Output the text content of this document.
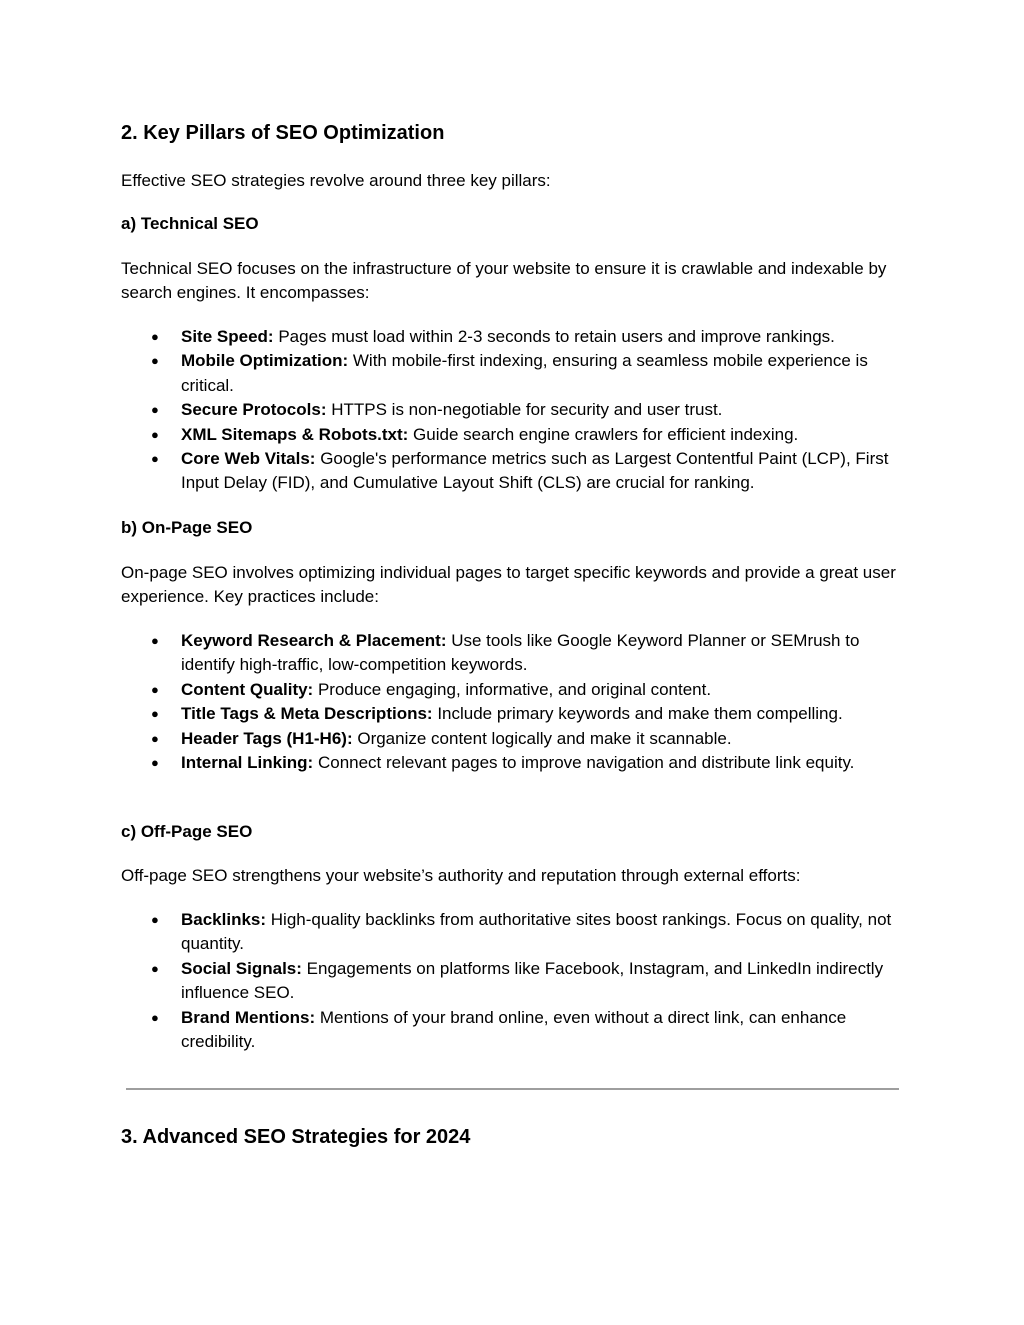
2. Key Pillars of SEO Optimization

Effective SEO strategies revolve around three key pillars:

a) Technical SEO

Technical SEO focuses on the infrastructure of your website to ensure it is crawlable and indexable by search engines. It encompasses:

● Site Speed: Pages must load within 2-3 seconds to retain users and improve rankings.
● Mobile Optimization: With mobile-first indexing, ensuring a seamless mobile experience is critical.
● Secure Protocols: HTTPS is non-negotiable for security and user trust.
● XML Sitemaps & Robots.txt: Guide search engine crawlers for efficient indexing.
● Core Web Vitals: Google's performance metrics such as Largest Contentful Paint (LCP), First Input Delay (FID), and Cumulative Layout Shift (CLS) are crucial for ranking.
b) On-Page SEO

On-page SEO involves optimizing individual pages to target specific keywords and provide a great user experience. Key practices include:

● Keyword Research & Placement: Use tools like Google Keyword Planner or SEMrush to identify high-traffic, low-competition keywords.
● Content Quality: Produce engaging, informative, and original content.
● Title Tags & Meta Descriptions: Include primary keywords and make them compelling.
● Header Tags (H1-H6): Organize content logically and make it scannable.
● Internal Linking: Connect relevant pages to improve navigation and distribute link equity.
c) Off-Page SEO

Off-page SEO strengthens your website’s authority and reputation through external efforts:

● Backlinks: High-quality backlinks from authoritative sites boost rankings. Focus on quality, not quantity.
● Social Signals: Engagements on platforms like Facebook, Instagram, and LinkedIn indirectly influence SEO.
● Brand Mentions: Mentions of your brand online, even without a direct link, can enhance credibility.
3. Advanced SEO Strategies for 2024
